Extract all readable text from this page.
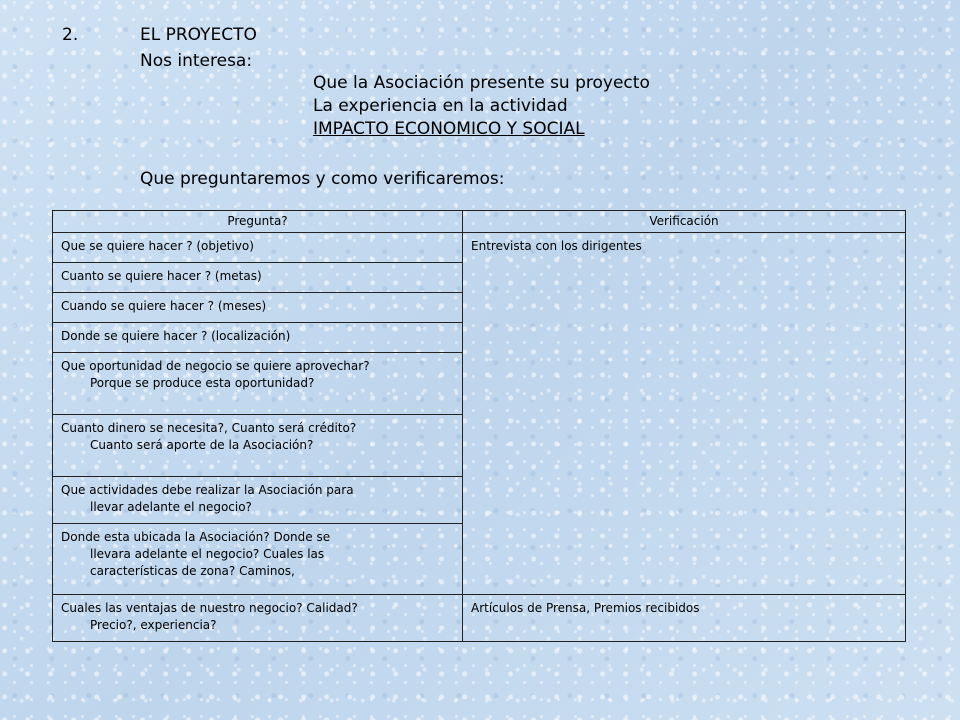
2.	EL PROYECTO
Nos interesa:
Que la Asociación presente su proyecto
La experiencia en la actividad
IMPACTO ECONOMICO Y SOCIAL
Que preguntaremos y como verificaremos:
Pregunta?	Verificación

Que se quiere hacer ? (objetivo)	Entrevista con los dirigentes

Cuanto se quiere hacer ? (metas)	

Cuando se quiere hacer ? (meses)	

Donde se quiere hacer ? (localización)	

Que oportunidad de negocio se quiere aprovechar?
Porque se produce esta oportunidad?	

Cuanto dinero se necesita?, Cuanto será crédito?
Cuanto será aporte de la Asociación?	

Que actividades debe realizar la Asociación para
llevar adelante el negocio?	

Donde esta ubicada la Asociación? Donde se
llevara adelante el negocio? Cuales las
características de zona? Caminos,	

Cuales las ventajas de nuestro negocio? Calidad?
Precio?, experiencia?	Artículos de Prensa, Premios recibidos
